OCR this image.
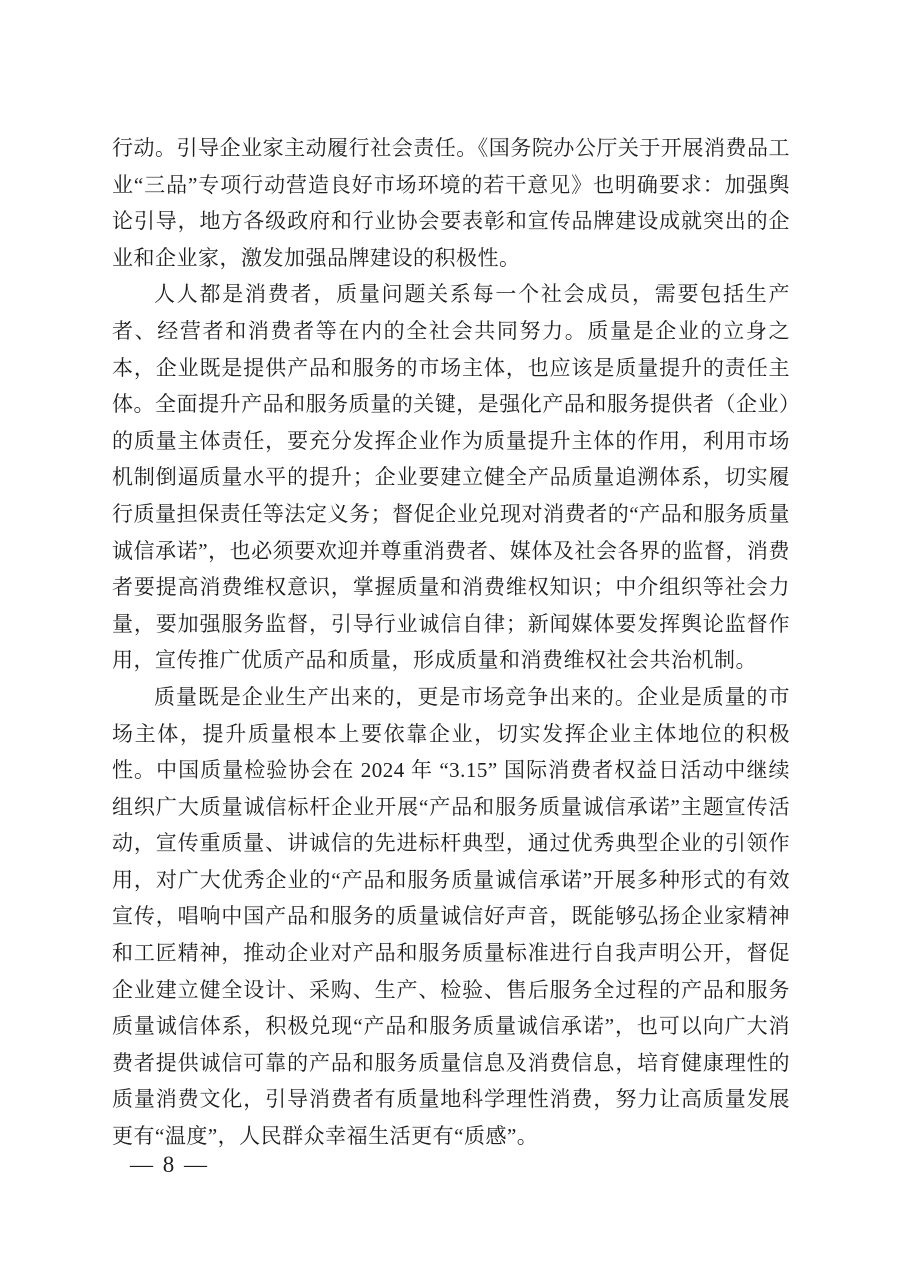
行动。引导企业家主动履行社会责任。《国务院办公厅关于开展消费品工业“三品”专项行动营造良好市场环境的若干意见》也明确要求：加强舆论引导，地方各级政府和行业协会要表彰和宣传品牌建设成就突出的企业和企业家，激发加强品牌建设的积极性。

人人都是消费者，质量问题关系每一个社会成员，需要包括生产者、经营者和消费者等在内的全社会共同努力。质量是企业的立身之本，企业既是提供产品和服务的市场主体，也应该是质量提升的责任主体。全面提升产品和服务质量的关键，是强化产品和服务提供者（企业）的质量主体责任，要充分发挥企业作为质量提升主体的作用，利用市场机制倒逼质量水平的提升；企业要建立健全产品质量追溯体系，切实履行质量担保责任等法定义务；督促企业兑现对消费者的“产品和服务质量诚信承诺”，也必须要欢迎并尊重消费者、媒体及社会各界的监督，消费者要提高消费维权意识，掌握质量和消费维权知识；中介组织等社会力量，要加强服务监督，引导行业诚信自律；新闻媒体要发挥舆论监督作用，宣传推广优质产品和质量，形成质量和消费维权社会共治机制。

质量既是企业生产出来的，更是市场竞争出来的。企业是质量的市场主体，提升质量根本上要依靠企业，切实发挥企业主体地位的积极性。中国质量检验协会在 2024 年 “3.15” 国际消费者权益日活动中继续组织广大质量诚信标杆企业开展“产品和服务质量诚信承诺”主题宣传活动，宣传重质量、讲诚信的先进标杆典型，通过优秀典型企业的引领作用，对广大优秀企业的“产品和服务质量诚信承诺”开展多种形式的有效宣传，唱响中国产品和服务的质量诚信好声音，既能够弘扬企业家精神和工匠精神，推动企业对产品和服务质量标准进行自我声明公开，督促企业建立健全设计、采购、生产、检验、售后服务全过程的产品和服务质量诚信体系，积极兑现“产品和服务质量诚信承诺”，也可以向广大消费者提供诚信可靠的产品和服务质量信息及消费信息，培育健康理性的质量消费文化，引导消费者有质量地科学理性消费，努力让高质量发展更有“温度”，人民群众幸福生活更有“质感”。

— 8 —
